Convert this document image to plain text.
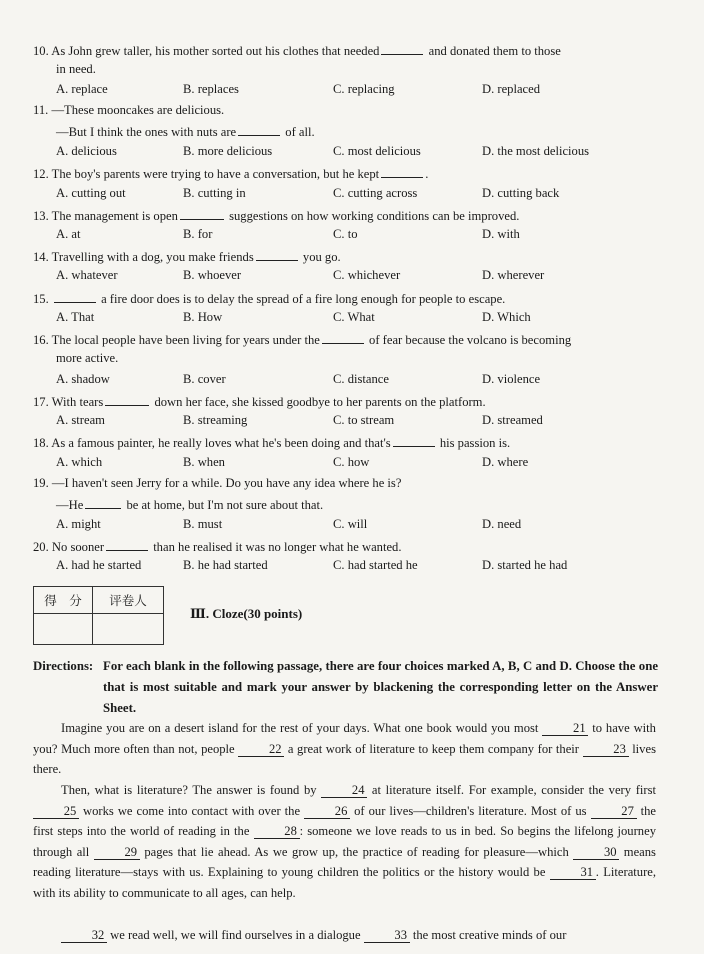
10. As John grew taller, his mother sorted out his clothes that needed	and donated them to those
in need.
A. replace	B. replaces	C. replacing	D. replaced
11. —These mooncakes are delicious.
—But I think the ones with nuts are	of all.
A. delicious	B. more delicious	C. most delicious	D. the most delicious
12. The boy's parents were trying to have a conversation, but he kept	.
A. cutting out	B. cutting in	C. cutting across	D. cutting back
13. The management is open	suggestions on how working conditions can be improved.
A. at	B. for	C. to	D. with
14. Travelling with a dog, you make friends	you go.
A. whatever	B. whoever	C. whichever	D. wherever
15.	a fire door does is to delay the spread of a fire long enough for people to escape.
A. That	B. How	C. What	D. Which
16. The local people have been living for years under the	of fear because the volcano is becoming
more active.
A. shadow	B. cover	C. distance	D. violence
17. With tears	down her face, she kissed goodbye to her parents on the platform.
A. stream	B. streaming	C. to stream	D. streamed
18. As a famous painter, he really loves what he's been doing and that's	his passion is.
A. which	B. when	C. how	D. where
19. —I haven't seen Jerry for a while. Do you have any idea where he is?
—He	be at home, but I'm not sure about that.
A. might	B. must	C. will	D. need
20. No sooner	than he realised it was no longer what he wanted.
A. had he started	B. he had started	C. had started he	D. started he had
得　分	评卷人

Ⅲ. Cloze(30 points)
Directions: For each blank in the following passage, there are four choices marked A, B, C and D. Choose the one that is most suitable and mark your answer by blackening the corresponding letter on the Answer Sheet.
Imagine you are on a desert island for the rest of your days. What one book would you most	21 to have with you? Much more often than not, people	22 a great work of literature to keep them company for their	23 lives there.
Then, what is literature? The answer is found by	24 at literature itself. For example, consider the very first 25 works we come into contact with over the	26 of our lives—children's literature. Most of us	27 the first steps into the world of reading in the	28 : someone we love reads to us in bed. So begins the lifelong journey through all	29 pages that lie ahead. As we grow up, the practice of reading for pleasure—which	30 means reading literature—stays with us. Explaining to young children the politics or the history would be	31 . Literature, with its ability to communicate to all ages, can help.
32 we read well, we will find ourselves in a dialogue	33 the most creative minds of our
